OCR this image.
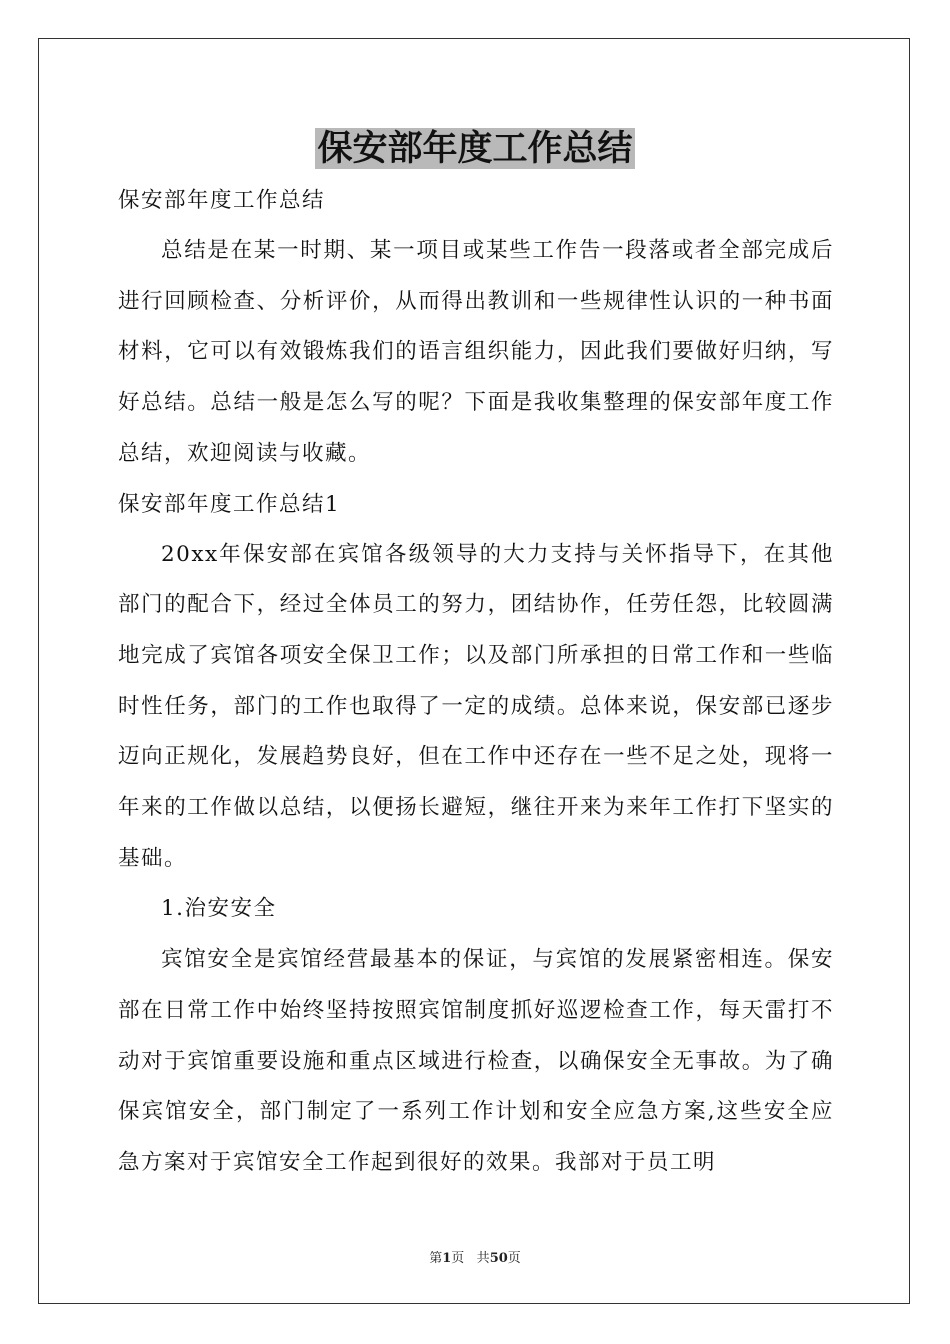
保安部年度工作总结

保安部年度工作总结

总结是在某一时期、某一项目或某些工作告一段落或者全部完成后进行回顾检查、分析评价，从而得出教训和一些规律性认识的一种书面材料，它可以有效锻炼我们的语言组织能力，因此我们要做好归纳，写好总结。总结一般是怎么写的呢？下面是我收集整理的保安部年度工作总结，欢迎阅读与收藏。

保安部年度工作总结1

20xx年保安部在宾馆各级领导的大力支持与关怀指导下，在其他部门的配合下，经过全体员工的努力，团结协作，任劳任怨，比较圆满地完成了宾馆各项安全保卫工作；以及部门所承担的日常工作和一些临时性任务，部门的工作也取得了一定的成绩。总体来说，保安部已逐步迈向正规化，发展趋势良好，但在工作中还存在一些不足之处，现将一年来的工作做以总结，以便扬长避短，继往开来为来年工作打下坚实的基础。

1.治安安全

宾馆安全是宾馆经营最基本的保证，与宾馆的发展紧密相连。保安部在日常工作中始终坚持按照宾馆制度抓好巡逻检查工作，每天雷打不动对于宾馆重要设施和重点区域进行检查，以确保安全无事故。为了确保宾馆安全，部门制定了一系列工作计划和安全应急方案,这些安全应急方案对于宾馆安全工作起到很好的效果。我部对于员工明

第1页 共50页
